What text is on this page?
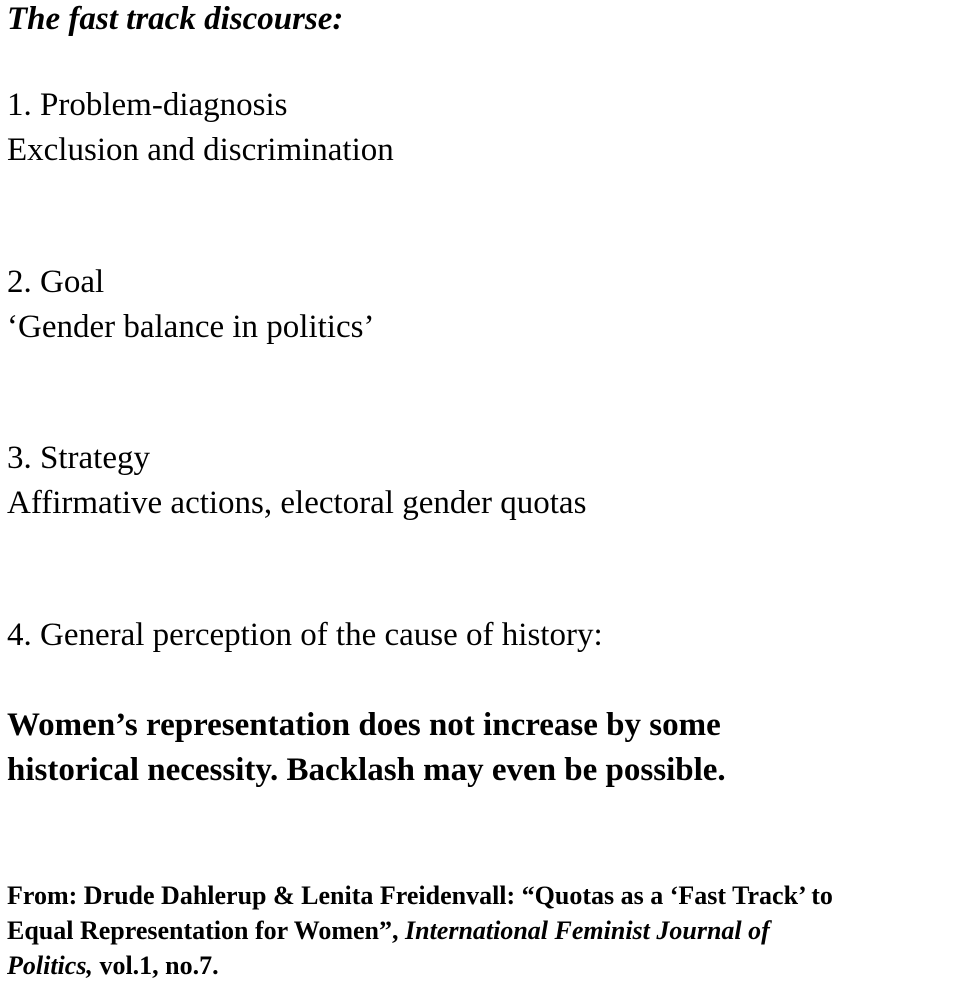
The fast track discourse:
1. Problem-diagnosis
Exclusion and discrimination
2. Goal
‘Gender balance in politics’
3. Strategy
Affirmative actions, electoral gender quotas
4. General perception of the cause of history:
Women’s representation does not increase by some
historical necessity. Backlash may even be possible.
From: Drude Dahlerup & Lenita Freidenvall: “Quotas as a ‘Fast Track’ to
Equal Representation for Women”, International Feminist Journal of
Politics, vol.1, no.7.
